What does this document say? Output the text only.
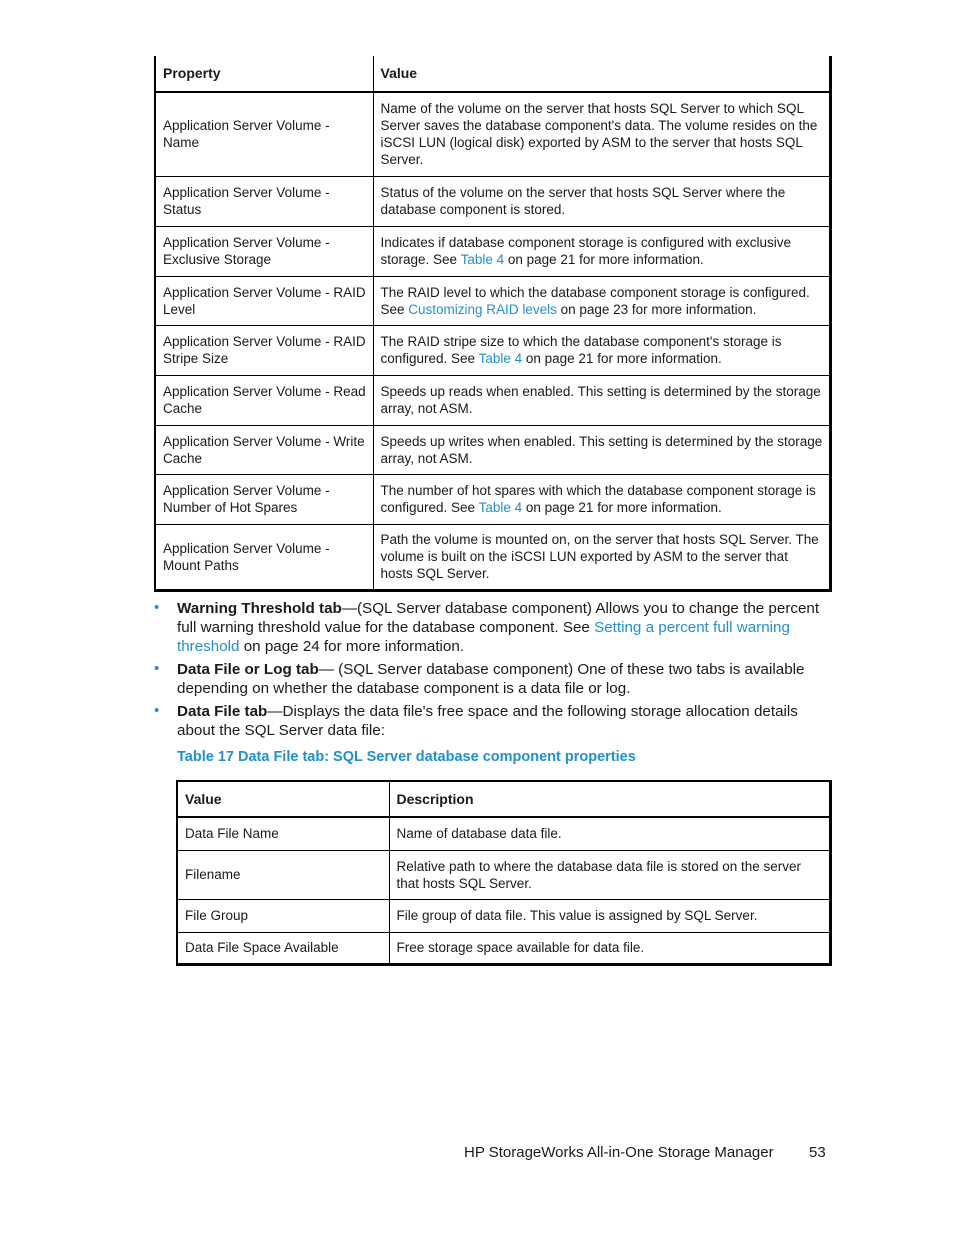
Property	Value
Application Server Volume - Name	Name of the volume on the server that hosts SQL Server to which SQL Server saves the database component's data. The volume resides on the iSCSI LUN (logical disk) exported by ASM to the server that hosts SQL Server.
Application Server Volume - Status	Status of the volume on the server that hosts SQL Server where the database component is stored.
Application Server Volume - Exclusive Storage	Indicates if database component storage is configured with exclusive storage. See Table 4 on page 21 for more information.
Application Server Volume - RAID Level	The RAID level to which the database component storage is configured. See Customizing RAID levels on page 23 for more information.
Application Server Volume - RAID Stripe Size	The RAID stripe size to which the database component's storage is configured. See Table 4 on page 21 for more information.
Application Server Volume - Read Cache	Speeds up reads when enabled. This setting is determined by the storage array, not ASM.
Application Server Volume - Write Cache	Speeds up writes when enabled. This setting is determined by the storage array, not ASM.
Application Server Volume - Number of Hot Spares	The number of hot spares with which the database component storage is configured. See Table 4 on page 21 for more information.
Application Server Volume - Mount Paths	Path the volume is mounted on, on the server that hosts SQL Server. The volume is built on the iSCSI LUN exported by ASM to the server that hosts SQL Server.
• Warning Threshold tab—(SQL Server database component) Allows you to change the percent full warning threshold value for the database component. See Setting a percent full warning threshold on page 24 for more information.
• Data File or Log tab— (SQL Server database component) One of these two tabs is available depending on whether the database component is a data file or log.
• Data File tab—Displays the data file's free space and the following storage allocation details about the SQL Server data file:
Table 17 Data File tab: SQL Server database component properties
Value	Description
Data File Name	Name of database data file.
Filename	Relative path to where the database data file is stored on the server that hosts SQL Server.
File Group	File group of data file. This value is assigned by SQL Server.
Data File Space Available	Free storage space available for data file.
HP StorageWorks All-in-One Storage Manager 53
